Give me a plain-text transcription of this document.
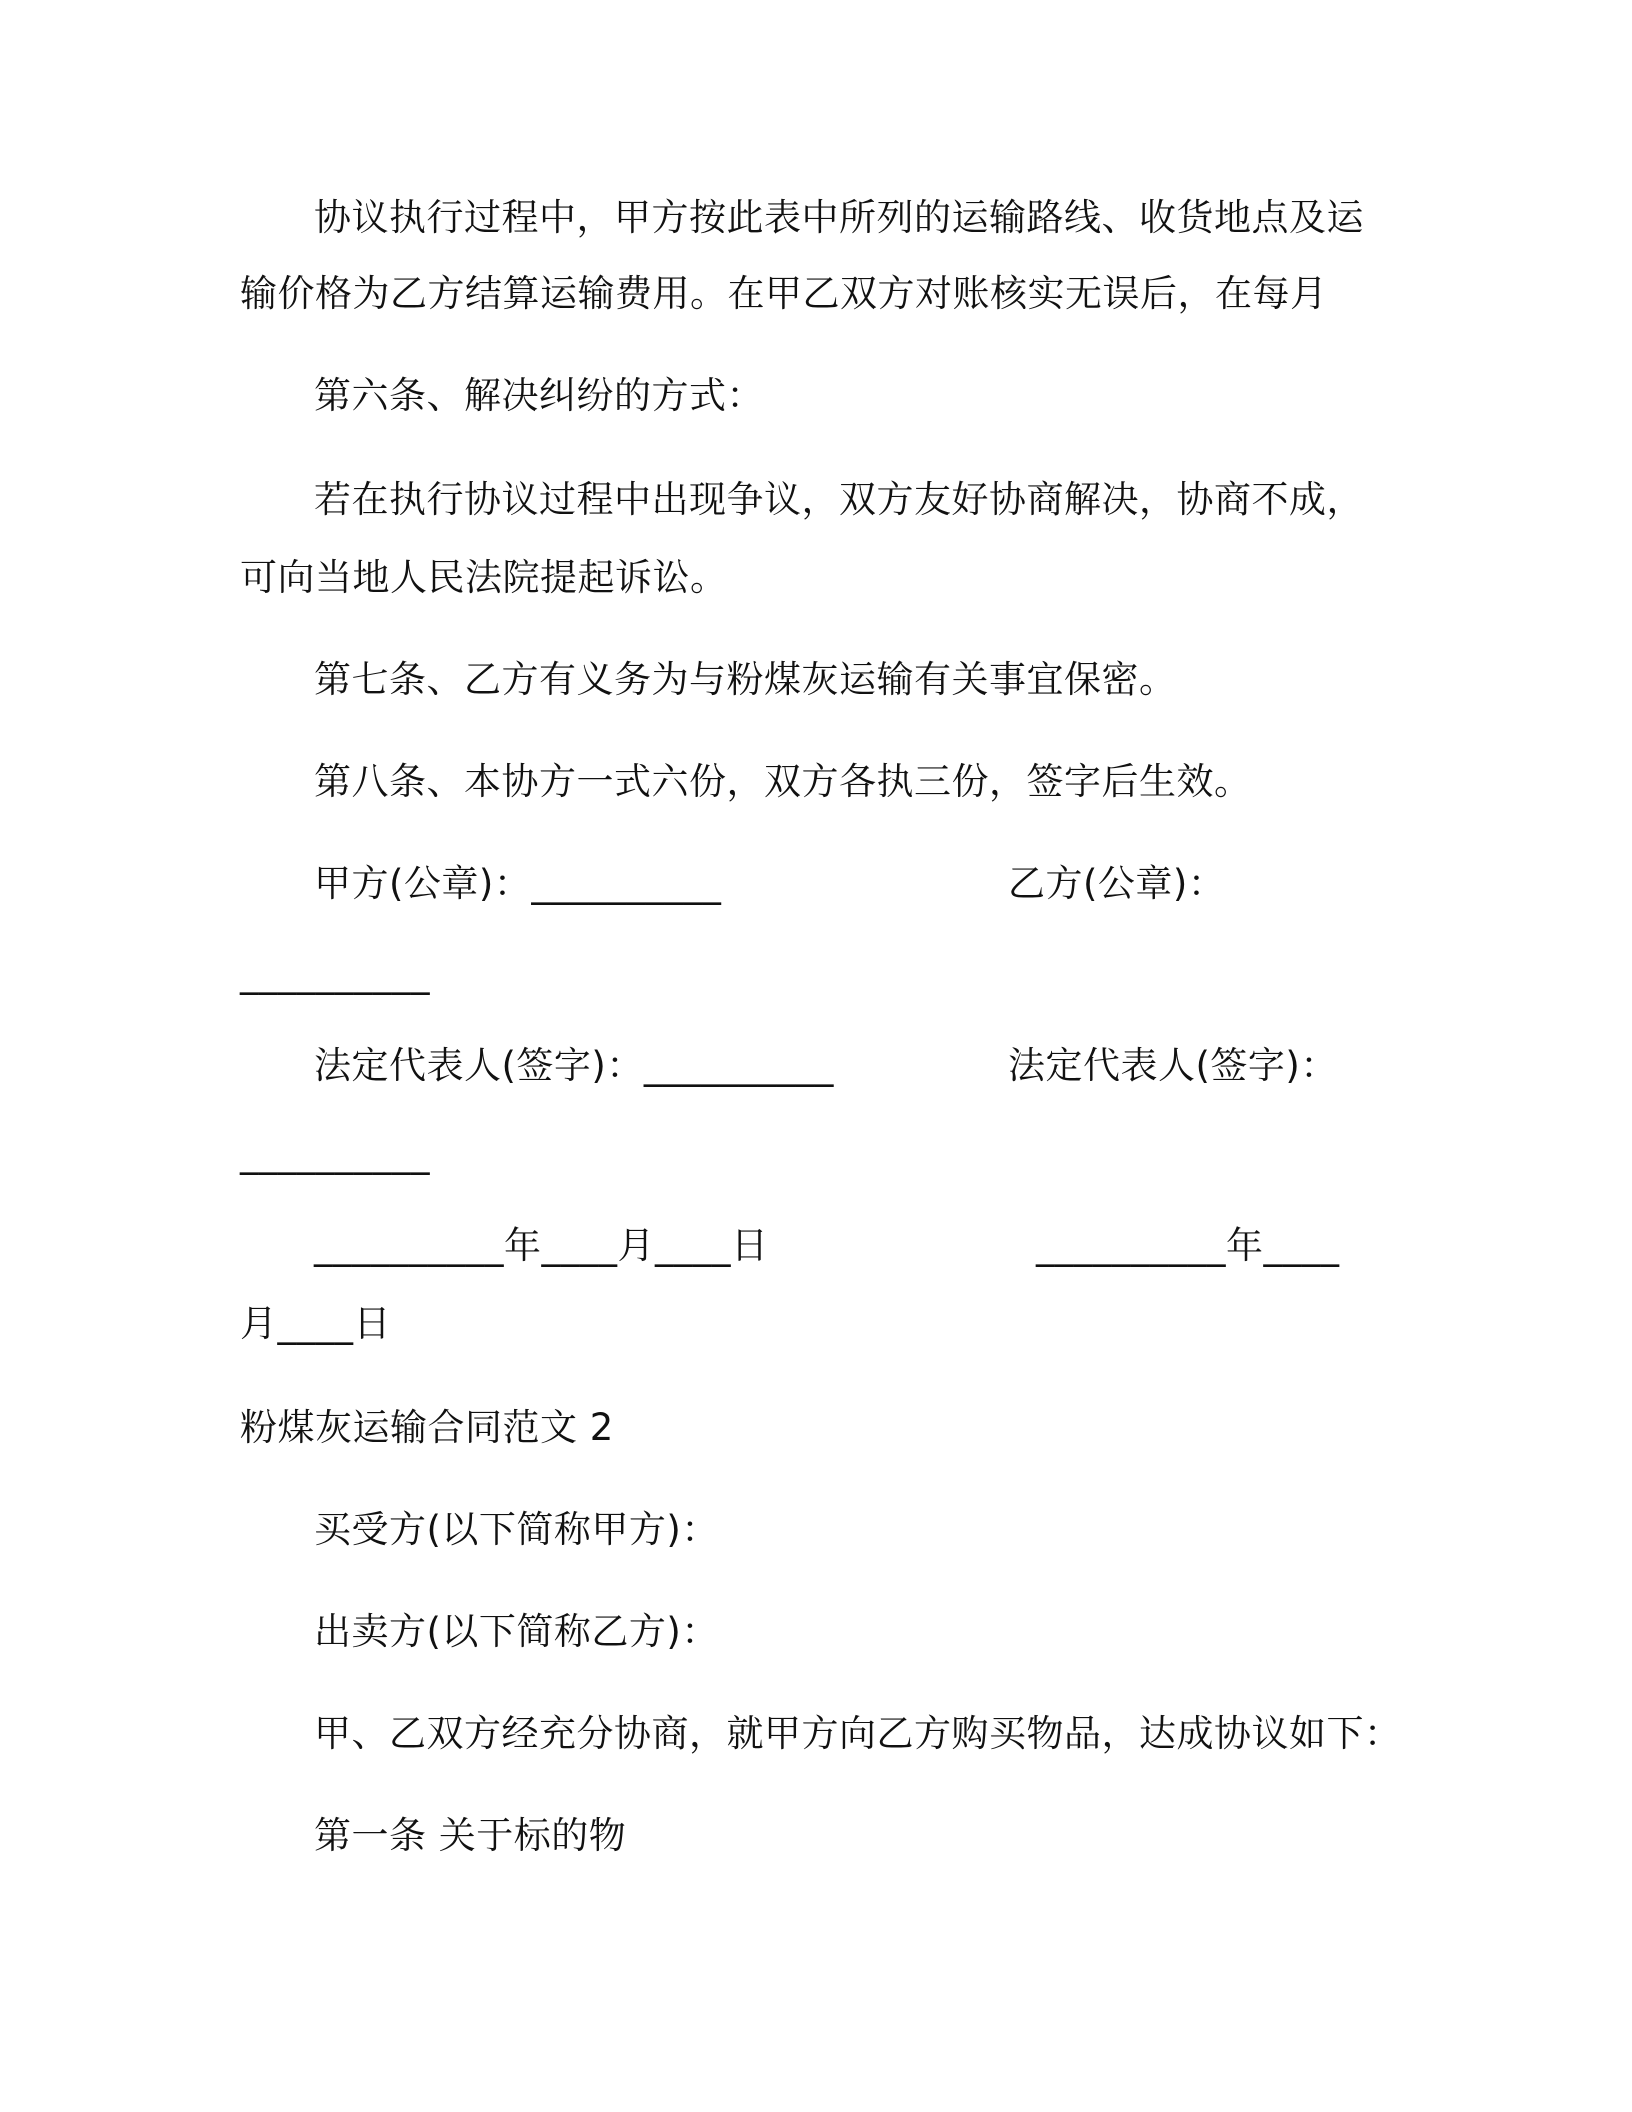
协议执行过程中，甲方按此表中所列的运输路线、收货地点及运
输价格为乙方结算运输费用。在甲乙双方对账核实无误后，在每月
第六条、解决纠纷的方式：
若在执行协议过程中出现争议，双方友好协商解决，协商不成，
可向当地人民法院提起诉讼。
第七条、乙方有义务为与粉煤灰运输有关事宜保密。
第八条、本协方一式六份，双方各执三份，签字后生效。
甲方(公章)：__________	乙方(公章)：
__________
法定代表人(签字)：__________	法定代表人(签字)：
__________
__________年____月____日	__________年____
月____日
粉煤灰运输合同范文 2
买受方(以下简称甲方)：
出卖方(以下简称乙方)：
甲、乙双方经充分协商，就甲方向乙方购买物品，达成协议如下：
第一条 关于标的物
